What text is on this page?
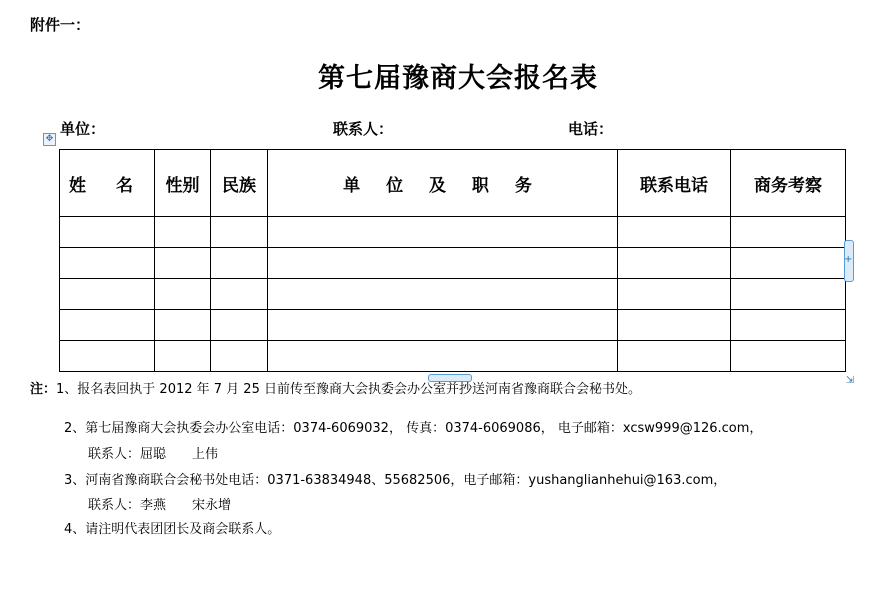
附件一：
第七届豫商大会报名表
单位：	联系人：	电话：
✥
姓 名	性别	民族	单 位 及 职 务	联系电话	商务考察

+
⇲
注：1、报名表回执于 2012 年 7 月 25 日前传至豫商大会执委会办公室并抄送河南省豫商联合会秘书处。
2、第七届豫商大会执委会办公室电话：0374-6069032， 传真：0374-6069086， 电子邮箱：xcsw999@126.com，
联系人：屈聪 上伟
3、河南省豫商联合会秘书处电话：0371-63834948、55682506，电子邮箱：yushanglianhehui@163.com，
联系人：李燕 宋永增
4、请注明代表团团长及商会联系人。
